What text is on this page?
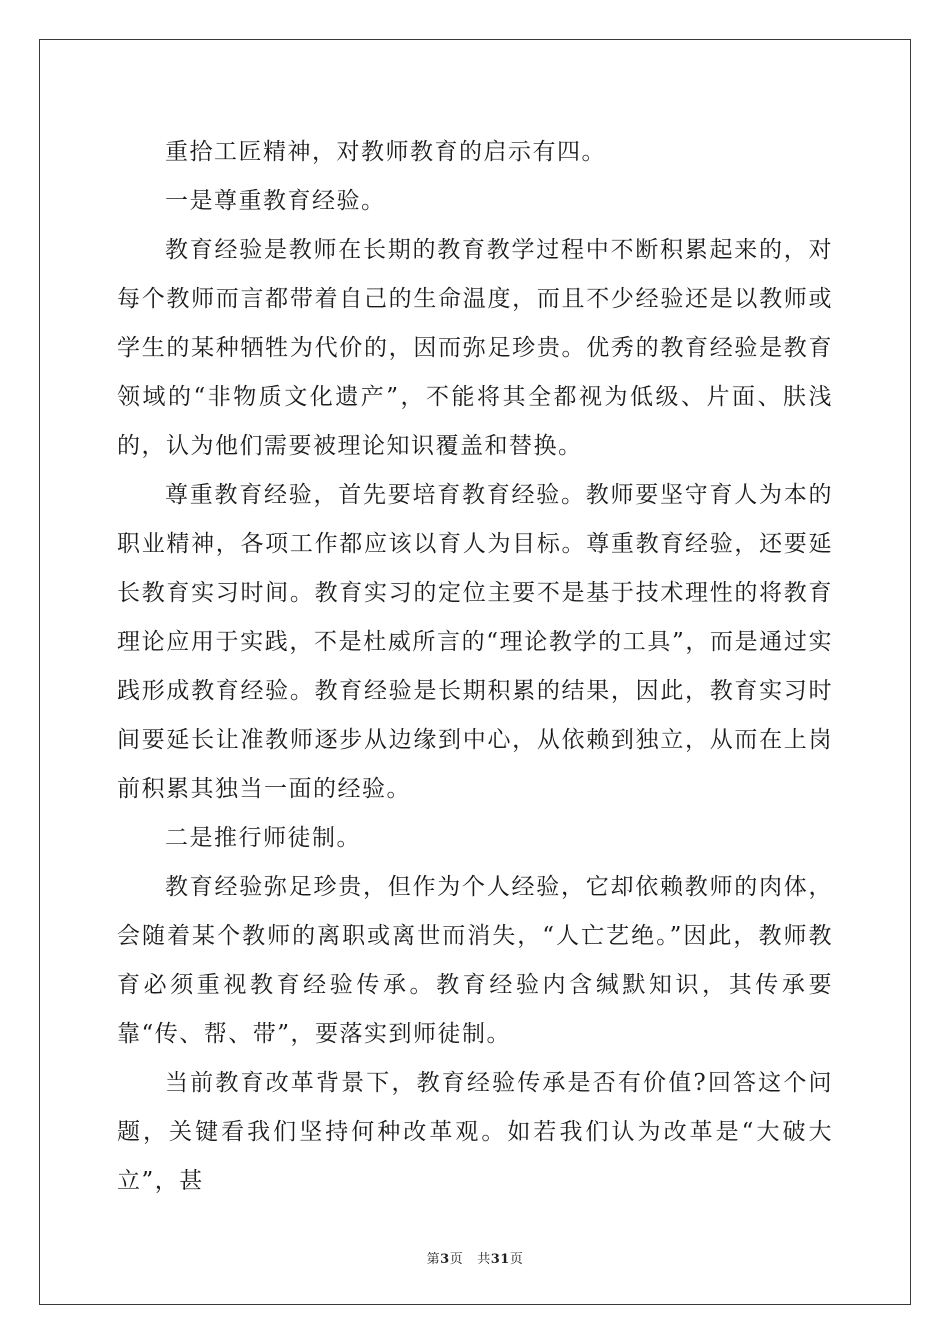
重拾工匠精神，对教师教育的启示有四。

一是尊重教育经验。

教育经验是教师在长期的教育教学过程中不断积累起来的，对每个教师而言都带着自己的生命温度，而且不少经验还是以教师或学生的某种牺牲为代价的，因而弥足珍贵。优秀的教育经验是教育领域的“非物质文化遗产”，不能将其全都视为低级、片面、肤浅的，认为他们需要被理论知识覆盖和替换。

尊重教育经验，首先要培育教育经验。教师要坚守育人为本的职业精神，各项工作都应该以育人为目标。尊重教育经验，还要延长教育实习时间。教育实习的定位主要不是基于技术理性的将教育理论应用于实践，不是杜威所言的“理论教学的工具”，而是通过实践形成教育经验。教育经验是长期积累的结果，因此，教育实习时间要延长让准教师逐步从边缘到中心，从依赖到独立，从而在上岗前积累其独当一面的经验。

二是推行师徒制。

教育经验弥足珍贵，但作为个人经验，它却依赖教师的肉体，会随着某个教师的离职或离世而消失，“人亡艺绝。”因此，教师教育必须重视教育经验传承。教育经验内含缄默知识，其传承要靠“传、帮、带”，要落实到师徒制。

当前教育改革背景下，教育经验传承是否有价值?回答这个问题，关键看我们坚持何种改革观。如若我们认为改革是“大破大立”，甚

第3页 共31页
